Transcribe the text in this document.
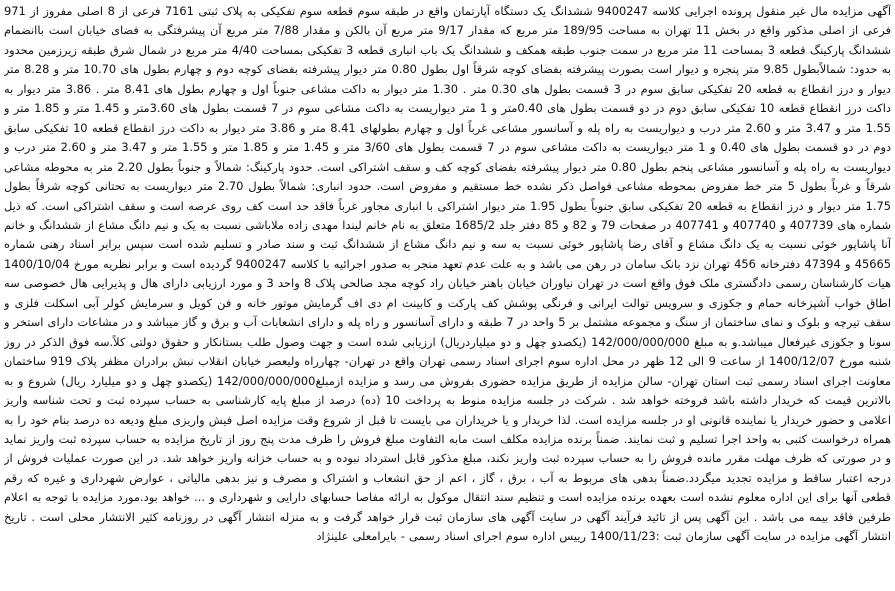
آگهی مزایده مال غیر منقول پرونده اجرایی کلاسه 9400247 ششدانگ یک دستگاه آپارتمان واقع در طبقه سوم قطعه سوم تفکیکی به پلاک ثبتی 7161 فرعی از 8 اصلی مفروز از 971 فرعی از اصلی مذکور واقع در بخش 11 تهران به مساحت 189/95 متر مربع که مقدار 9/17 متر مربع آن بالکن و مقدار 7/88 متر مربع آن پیشرفتگی به فضای خیابان است باانضمام ششدانگ پارکینگ قطعه 3 بمساحت 11 متر مربع در سمت جنوب طبقه همکف و ششدانگ یک باب انباری قطعه 3 تفکیکی بمساحت 4/40 متر مربع در شمال شرق طبقه زیرزمین محدود به حدود: شمالاًبطول 9.85 متر پنجره و دیوار است بصورت پیشرفته بفضای کوچه شرقاً اول بطول 0.80 متر دیوار پیشرفته بفضای کوچه دوم و چهارم بطول های 10.70 متر و 8.28 متر دیوار و درز انقطاع به قطعه 20 تفکیکی سابق سوم در 3 قسمت بطول های 0.30 متر . 1.30 متر دیوار به داکت مشاعی جنوباً اول و چهارم بطول های 8.41 متر . 3.86 متر دیوار به داکت درز انقطاع قطعه 10 تفکیکی سابق دوم در دو قسمت بطول های 0.40متر و 1 متر دیواریست به داکت مشاعی سوم در 7 قسمت بطول های 3.60متر و 1.45 متر و 1.85 متر و 1.55 متر و 3.47 متر و 2.60 متر درب و دیواریست به راه پله و آسانسور مشاعی غرباً اول و چهارم بطولهای 8.41 متر و 3.86 متر دیوار به داکت درز انقطاع قطعه 10 تفکیکی سابق دوم در دو قسمت بطول های 0.40 و 1 متر دیواریست به داکت مشاعی سوم در 7 قسمت بطول های 3/60 متر و 1.45 متر و 1.85 متر و 1.55 متر و 3.47 متر و 2.60 متر درب و دیواریست به راه پله و آسانسور مشاعی پنجم بطول 0.80 متر دیوار پیشرفته بفضای کوچه کف و سقف اشتراکی است. حدود پارکینگ: شمالاً و جنوباً بطول 2.20 متر به محوطه مشاعی شرقاً و غرباً بطول 5 متر خط مفروض بمحوطه مشاعی فواصل ذکر نشده خط مستقیم و مفروض است. حدود انباری: شمالاً بطول 2.70 متر دیواریست به تحتانی کوچه شرقاً بطول 1.75 متر دیوار و درز انقطاع به قطعه 20 تفکیکی سابق جنوباً بطول 1.95 متر دیوار اشتراکی با انباری مجاور غرباً فاقد حد است کف روی عرصه است و سقف اشتراکی است. که ذیل شماره های 407739 و 407740 و 407741 در صفحات 79 و 82 و 85 دفتر جلد 1685/2 متعلق به نام خانم لیندا مهدی زاده ملاباشی نسبت به یک و نیم دانگ مشاع از ششدانگ و خانم آنا پاشاپور خوئی نسبت به یک دانگ مشاع و آقای رضا پاشاپور خوئی نسبت به سه و نیم دانگ مشاع از ششدانگ ثبت و سند صادر و تسلیم شده است سپس برابر اسناد رهنی شماره 45665 و 47394 دفترخانه 456 تهران نزد بانک سامان در رهن می باشد و به علت عدم تعهد منجر به صدور اجرائیه با کلاسه 9400247 گردیده است و برابر نظریه مورخ 1400/10/04 هیات کارشناسان رسمی دادگستری ملک فوق واقع است در تهران نیاوران خیابان باهنر خیابان راد کوچه مجد صالحی پلاک 8 واحد 3 و مورد ارزیابی دارای هال و پذیرایی هال خصوصی سه اطاق خواب آشپزخانه حمام و جکوزی و سرویس توالت ایرانی و فرنگی پوشش کف پارکت و کابینت ام دی اف گرمایش موتور خانه و فن کویل و سرمایش کولر آبی اسکلت فلزی و سقف تیرچه و بلوک و نمای ساختمان از سنگ و مجموعه مشتمل بر 5 واحد در 7 طبقه و دارای آسانسور و راه پله و دارای انشعابات آب و برق و گاز میباشد و در مشاعات دارای استخر و سونا و جکوزی غیرفعال میباشد.و به مبلغ 142/000/000/000 (یکصدو چهل و دو میلیاردریال) ارزیابی شده است و جهت وصول طلب بستانکار و حقوق دولتی کلاً.سه فوق الذکر در روز شنبه مورخ 1400/12/07 از ساعت 9 الی 12 ظهر در محل اداره سوم اجرای اسناد رسمی تهران واقع در تهران- چهارراه ولیعصر خیابان انقلاب نبش برادران مظفر پلاک 919 ساختمان معاونت اجرای اسناد رسمی ثبت استان تهران- سالن مزایده از طریق مزایده حضوری بفروش می رسد و مزایده ازمبلغ142/000/000/000 (یکصدو چهل و دو میلیارد ریال) شروع و به بالاترین قیمت که خریدار داشته باشد فروخته خواهد شد . شرکت در جلسه مزایده منوط به پرداخت 10 (ده) درصد از مبلغ پایه کارشناسی به حساب سپرده ثبت و تحت شناسه واریز اعلامی و حضور خریدار یا نماینده قانونی او در جلسه مزایده است. لذا خریدار و یا خریداران می بایست تا قبل از شروع وقت مزایده اصل فیش واریزی مبلغ ودیعه ده درصد بنام خود را به همراه درخواست کتبی به واحد اجرا تسلیم و ثبت نمایند. ضمناً برنده مزایده مکلف است مابه التفاوت مبلغ فروش را ظرف مدت پنج روز از تاریخ مزایده به حساب سپرده ثبت واریز نماید و در صورتی که ظرف مهلت مقرر مانده فروش را به حساب سپرده ثبت واریز نکند، مبلغ مذکور قابل استرداد نبوده و به حساب خزانه واریز خواهد شد. در این صورت عملیات فروش از درجه اعتبار ساقط و مزایده تجدید میگردد.ضمناً بدهی های مربوط به آب ، برق ، گاز ، اعم از حق انشعاب و اشتراک و مصرف و نیز بدهی مالیاتی ، عوارض شهرداری و غیره که رقم قطعی آنها برای این اداره معلوم نشده است بعهده برنده مزایده است و تنظیم سند انتقال موکول به ارائه مفاصا حسابهای دارایی و شهرداری و ... خواهد بود.مورد مزایده با توجه به اعلام طرفین فاقد بیمه می باشد . این آگهی پس از تائید فرآیند آگهی در سایت آگهی های سازمان ثبت قرار خواهد گرفت و به منزله انتشار آگهی در روزنامه کثیر الانتشار محلی است . تاریخ انتشار آگهی مزایده در سایت آگهی سازمان ثبت :1400/11/23 رییس اداره سوم اجرای اسناد رسمی - بایرامعلی علینژاد
